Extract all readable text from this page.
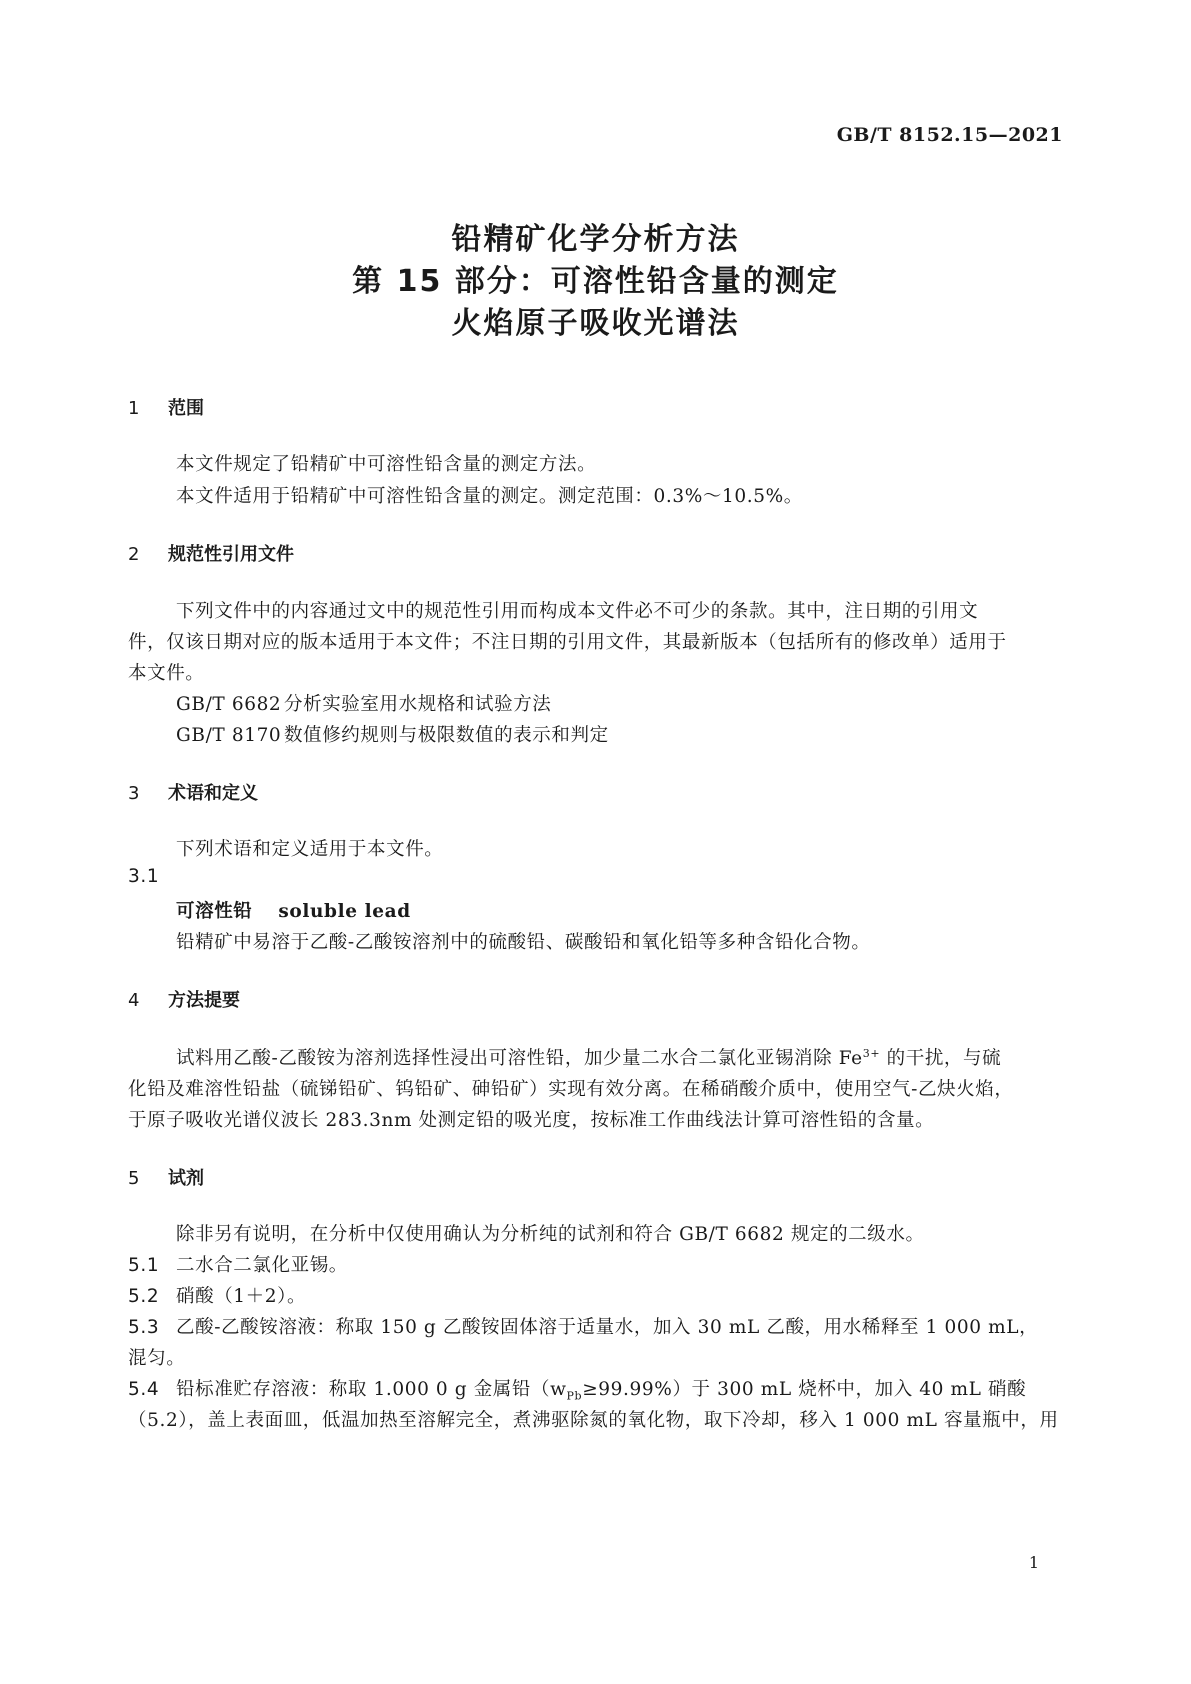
GB/T 8152.15—2021
铅精矿化学分析方法
第 15 部分：可溶性铅含量的测定
火焰原子吸收光谱法
1 范围
本文件规定了铅精矿中可溶性铅含量的测定方法。
本文件适用于铅精矿中可溶性铅含量的测定。测定范围：0.3%～10.5%。
2 规范性引用文件
下列文件中的内容通过文中的规范性引用而构成本文件必不可少的条款。其中，注日期的引用文
件，仅该日期对应的版本适用于本文件；不注日期的引用文件，其最新版本（包括所有的修改单）适用于
本文件。
GB/T 6682 分析实验室用水规格和试验方法
GB/T 8170 数值修约规则与极限数值的表示和判定
3 术语和定义
下列术语和定义适用于本文件。
3.1
可溶性铅 soluble lead
铅精矿中易溶于乙酸-乙酸铵溶剂中的硫酸铅、碳酸铅和氧化铅等多种含铅化合物。
4 方法提要
试料用乙酸-乙酸铵为溶剂选择性浸出可溶性铅，加少量二水合二氯化亚锡消除 $Fe^{3+}$ 的干扰，与硫
化铅及难溶性铅盐（硫锑铅矿、钨铅矿、砷铅矿）实现有效分离。在稀硝酸介质中，使用空气-乙炔火焰，
于原子吸收光谱仪波长 283.3nm 处测定铅的吸光度，按标准工作曲线法计算可溶性铅的含量。
5 试剂
除非另有说明，在分析中仅使用确认为分析纯的试剂和符合 GB/T 6682 规定的二级水。
5.1 二水合二氯化亚锡。
5.2 硝酸（1＋2）。
5.3 乙酸-乙酸铵溶液：称取 150 g 乙酸铵固体溶于适量水，加入 30 mL 乙酸，用水稀释至 1 000 mL，
混匀。
5.4 铅标准贮存溶液：称取 1.000 0 g 金属铅$(w_{Pb}\ge 99.99\%)$于 300 mL 烧杯中，加入 40 mL 硝酸
（5.2），盖上表面皿，低温加热至溶解完全，煮沸驱除氮的氧化物，取下冷却，移入 1 000 mL 容量瓶中，用
1
